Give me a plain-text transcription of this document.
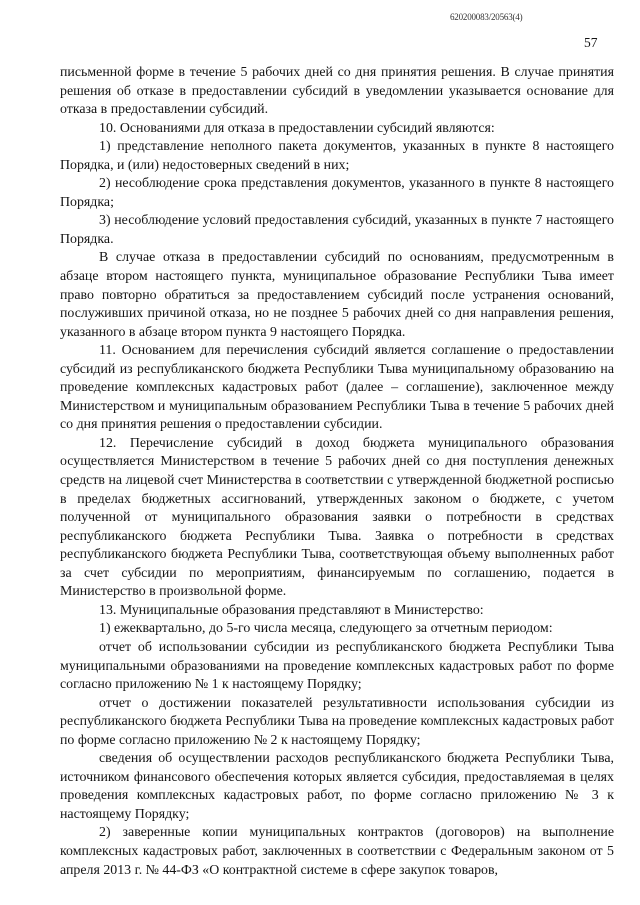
620200083/20563(4)
57

письменной форме в течение 5 рабочих дней со дня принятия решения. В случае принятия решения об отказе в предоставлении субсидий в уведомлении указывается основание для отказа в предоставлении субсидий.

10. Основаниями для отказа в предоставлении субсидий являются:

1) представление неполного пакета документов, указанных в пункте 8 настоящего Порядка, и (или) недостоверных сведений в них;

2) несоблюдение срока представления документов, указанного в пункте 8 настоящего Порядка;

3) несоблюдение условий предоставления субсидий, указанных в пункте 7 настоящего Порядка.

В случае отказа в предоставлении субсидий по основаниям, предусмотренным в абзаце втором настоящего пункта, муниципальное образование Республики Тыва имеет право повторно обратиться за предоставлением субсидий после устранения оснований, послуживших причиной отказа, но не позднее 5 рабочих дней со дня направления решения, указанного в абзаце втором пункта 9 настоящего Порядка.

11. Основанием для перечисления субсидий является соглашение о предоставлении субсидий из республиканского бюджета Республики Тыва муниципальному образованию на проведение комплексных кадастровых работ (далее – соглашение), заключенное между Министерством и муниципальным образованием Республики Тыва в течение 5 рабочих дней со дня принятия решения о предоставлении субсидии.

12. Перечисление субсидий в доход бюджета муниципального образования осуществляется Министерством в течение 5 рабочих дней со дня поступления денежных средств на лицевой счет Министерства в соответствии с утвержденной бюджетной росписью в пределах бюджетных ассигнований, утвержденных законом о бюджете, с учетом полученной от муниципального образования заявки о потребности в средствах республиканского бюджета Республики Тыва. Заявка о потребности в средствах республиканского бюджета Республики Тыва, соответствующая объему выполненных работ за счет субсидии по мероприятиям, финансируемым по соглашению, подается в Министерство в произвольной форме.

13. Муниципальные образования представляют в Министерство:

1) ежеквартально, до 5-го числа месяца, следующего за отчетным периодом:

отчет об использовании субсидии из республиканского бюджета Республики Тыва муниципальными образованиями на проведение комплексных кадастровых работ по форме согласно приложению № 1 к настоящему Порядку;

отчет о достижении показателей результативности использования субсидии из республиканского бюджета Республики Тыва на проведение комплексных кадастровых работ по форме согласно приложению № 2 к настоящему Порядку;

сведения об осуществлении расходов республиканского бюджета Республики Тыва, источником финансового обеспечения которых является субсидия, предоставляемая в целях проведения комплексных кадастровых работ, по форме согласно приложению № 3 к настоящему Порядку;

2) заверенные копии муниципальных контрактов (договоров) на выполнение комплексных кадастровых работ, заключенных в соответствии с Федеральным законом от 5 апреля 2013 г. № 44-ФЗ «О контрактной системе в сфере закупок товаров,
